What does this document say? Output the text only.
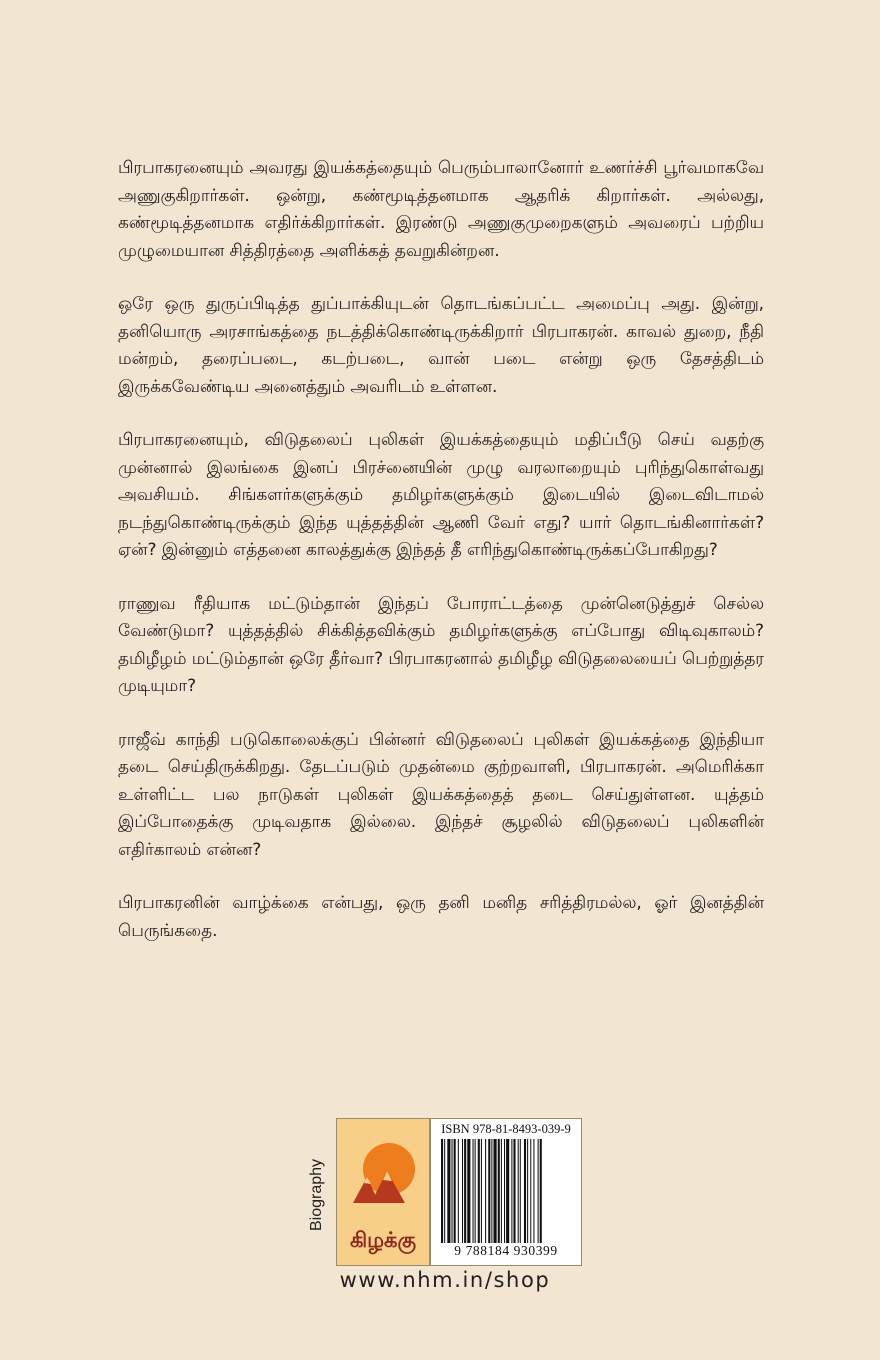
பிரபாகரனையும் அவரது இயக்கத்தையும் பெரும்பாலானோர் உணர்ச்சி பூர்வமாகவே அணுகுகிறார்கள். ஒன்று, கண்மூடித்தனமாக ஆதரிக் கிறார்கள். அல்லது, கண்மூடித்தனமாக எதிர்க்கிறார்கள். இரண்டு அணுகுமுறைகளும் அவரைப் பற்றிய முழுமையான சித்திரத்தை அளிக்கத் தவறுகின்றன.

ஒரே ஒரு துருப்பிடித்த துப்பாக்கியுடன் தொடங்கப்பட்ட அமைப்பு அது. இன்று, தனியொரு அரசாங்கத்தை நடத்திக்கொண்டிருக்கிறார் பிரபாகரன். காவல் துறை, நீதி மன்றம், தரைப்படை, கடற்படை, வான் படை என்று ஒரு தேசத்திடம் இருக்கவேண்டிய அனைத்தும் அவரிடம் உள்ளன.

பிரபாகரனையும், விடுதலைப் புலிகள் இயக்கத்தையும் மதிப்பீடு செய் வதற்கு முன்னால் இலங்கை இனப் பிரச்னையின் முழு வரலாறையும் புரிந்துகொள்வது அவசியம். சிங்களர்களுக்கும் தமிழர்களுக்கும் இடையில் இடைவிடாமல் நடந்துகொண்டிருக்கும் இந்த யுத்தத்தின் ஆணி வேர் எது? யார் தொடங்கினார்கள்? ஏன்? இன்னும் எத்தனை காலத்துக்கு இந்தத் தீ எரிந்துகொண்டிருக்கப்போகிறது?

ராணுவ ரீதியாக மட்டும்தான் இந்தப் போராட்டத்தை முன்னெடுத்துச் செல்ல வேண்டுமா? யுத்தத்தில் சிக்கித்தவிக்கும் தமிழர்களுக்கு எப்போது விடிவுகாலம்? தமிழீழம் மட்டும்தான் ஒரே தீர்வா? பிரபாகரனால் தமிழீழ விடுதலையைப் பெற்றுத்தர முடியுமா?

ராஜீவ் காந்தி படுகொலைக்குப் பின்னர் விடுதலைப் புலிகள் இயக்கத்தை இந்தியா தடை செய்திருக்கிறது. தேடப்படும் முதன்மை குற்றவாளி, பிரபாகரன். அமெரிக்கா உள்ளிட்ட பல நாடுகள் புலிகள் இயக்கத்தைத் தடை செய்துள்ளன. யுத்தம் இப்போதைக்கு முடிவதாக இல்லை. இந்தச் சூழலில் விடுதலைப் புலிகளின் எதிர்காலம் என்ன?

பிரபாகரனின் வாழ்க்கை என்பது, ஒரு தனி மனித சரித்திரமல்ல, ஓர் இனத்தின் பெருங்கதை.

Biography
கிழக்கு
ISBN 978-81-8493-039-9
9 788184 930399
www.nhm.in/shop
